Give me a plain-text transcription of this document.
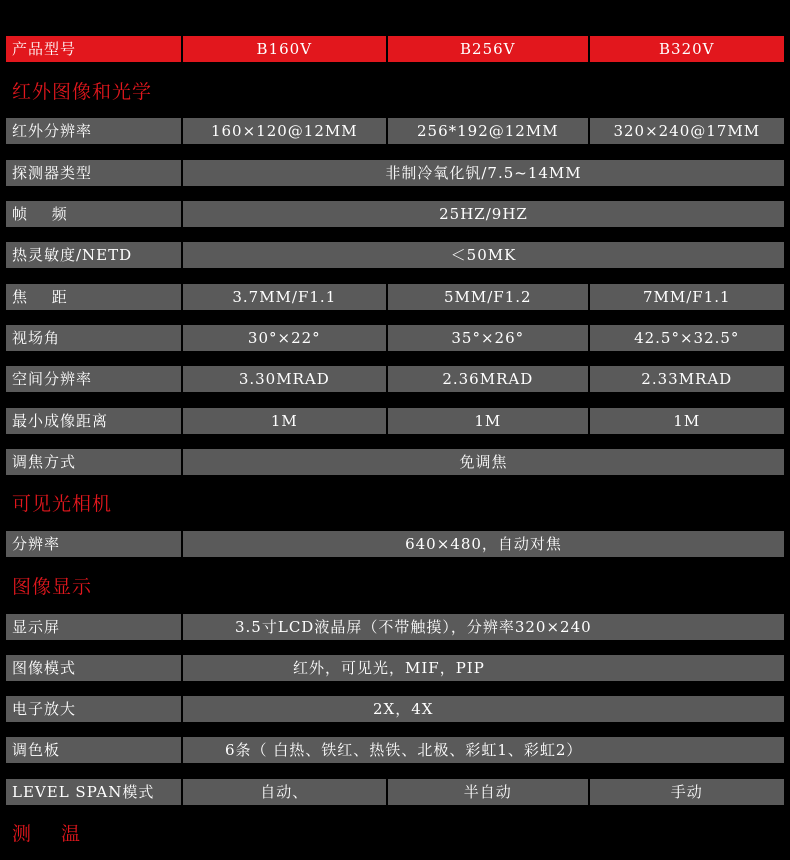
产品型号	B160V	B256V	B320V
红外图像和光学
红外分辨率	160×120@12MM	256*192@12MM	320×240@17MM
探测器类型	非制冷氧化钒/7.5~14MM
帧 频	25HZ/9HZ
热灵敏度/NETD	＜50MK
焦 距	3.7MM/F1.1	5MM/F1.2	7MM/F1.1
视场角	30°×22°	35°×26°	42.5°×32.5°
空间分辨率	3.30MRAD	2.36MRAD	2.33MRAD
最小成像距离	1M	1M	1M
调焦方式	免调焦
可见光相机
分辨率	640×480，自动对焦
图像显示
显示屏	3.5寸LCD液晶屏（不带触摸），分辨率320×240
图像模式	红外，可见光，MIF，PIP
电子放大	2X，4X
调色板	6条（ 白热、铁红、热铁、北极、彩虹1、彩虹2）
LEVEL SPAN模式	自动、	半自动	手动
测 温
